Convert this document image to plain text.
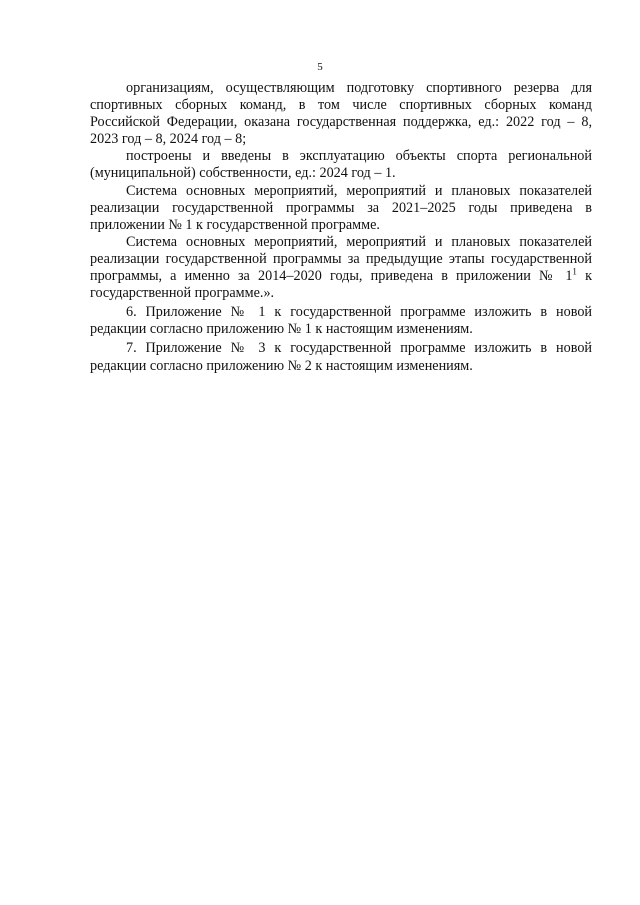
5

организациям, осуществляющим подготовку спортивного резерва для спортивных сборных команд, в том числе спортивных сборных команд Российской Федерации, оказана государственная поддержка, ед.: 2022 год – 8, 2023 год – 8, 2024 год – 8;

построены и введены в эксплуатацию объекты спорта региональной (муниципальной) собственности, ед.: 2024 год – 1.

Система основных мероприятий, мероприятий и плановых показателей реализации государственной программы за 2021–2025 годы приведена в приложении № 1 к государственной программе.

Система основных мероприятий, мероприятий и плановых показателей реализации государственной программы за предыдущие этапы государственной программы, а именно за 2014–2020 годы, приведена в приложении № $1^1$ к государственной программе.».

6. Приложение № 1 к государственной программе изложить в новой редакции согласно приложению № 1 к настоящим изменениям.

7. Приложение № 3 к государственной программе изложить в новой редакции согласно приложению № 2 к настоящим изменениям.
